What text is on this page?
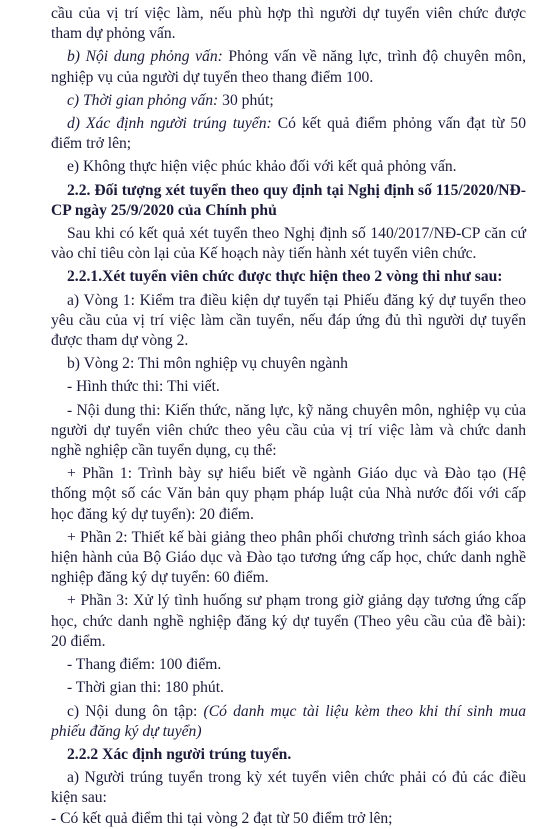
cầu của vị trí việc làm, nếu phù hợp thì người dự tuyển viên chức được tham dự phỏng vấn.

b) Nội dung phỏng vấn: Phỏng vấn về năng lực, trình độ chuyên môn, nghiệp vụ của người dự tuyển theo thang điểm 100.

c) Thời gian phỏng vấn: 30 phút;

d) Xác định người trúng tuyển: Có kết quả điểm phỏng vấn đạt từ 50 điểm trở lên;

e) Không thực hiện việc phúc khảo đối với kết quả phỏng vấn.

2.2. Đối tượng xét tuyển theo quy định tại Nghị định số 115/2020/NĐ-CP ngày 25/9/2020 của Chính phủ

Sau khi có kết quả xét tuyển theo Nghị định số 140/2017/NĐ-CP căn cứ vào chỉ tiêu còn lại của Kế hoạch này tiến hành xét tuyển viên chức.

2.2.1.Xét tuyển viên chức được thực hiện theo 2 vòng thi như sau:

a) Vòng 1: Kiểm tra điều kiện dự tuyển tại Phiếu đăng ký dự tuyển theo yêu cầu của vị trí việc làm cần tuyển, nếu đáp ứng đủ thì người dự tuyển được tham dự vòng 2.

b) Vòng 2: Thi môn nghiệp vụ chuyên ngành

- Hình thức thi: Thi viết.

- Nội dung thi: Kiến thức, năng lực, kỹ năng chuyên môn, nghiệp vụ của người dự tuyển viên chức theo yêu cầu của vị trí việc làm và chức danh nghề nghiệp cần tuyển dụng, cụ thể:

+ Phần 1: Trình bày sự hiểu biết về ngành Giáo dục và Đào tạo (Hệ thống một số các Văn bản quy phạm pháp luật của Nhà nước đối với cấp học đăng ký dự tuyển): 20 điểm.

+ Phần 2: Thiết kế bài giảng theo phân phối chương trình sách giáo khoa hiện hành của Bộ Giáo dục và Đào tạo tương ứng cấp học, chức danh nghề nghiệp đăng ký dự tuyển: 60 điểm.

+ Phần 3: Xử lý tình huống sư phạm trong giờ giảng dạy tương ứng cấp học, chức danh nghề nghiệp đăng ký dự tuyển (Theo yêu cầu của đề bài): 20 điểm.

- Thang điểm: 100 điểm.

- Thời gian thi: 180 phút.

c) Nội dung ôn tập: (Có danh mục tài liệu kèm theo khi thí sinh mua phiếu đăng ký dự tuyển)

2.2.2 Xác định người trúng tuyển.

a) Người trúng tuyển trong kỳ xét tuyển viên chức phải có đủ các điều kiện sau:

- Có kết quả điểm thi tại vòng 2 đạt từ 50 điểm trở lên;
